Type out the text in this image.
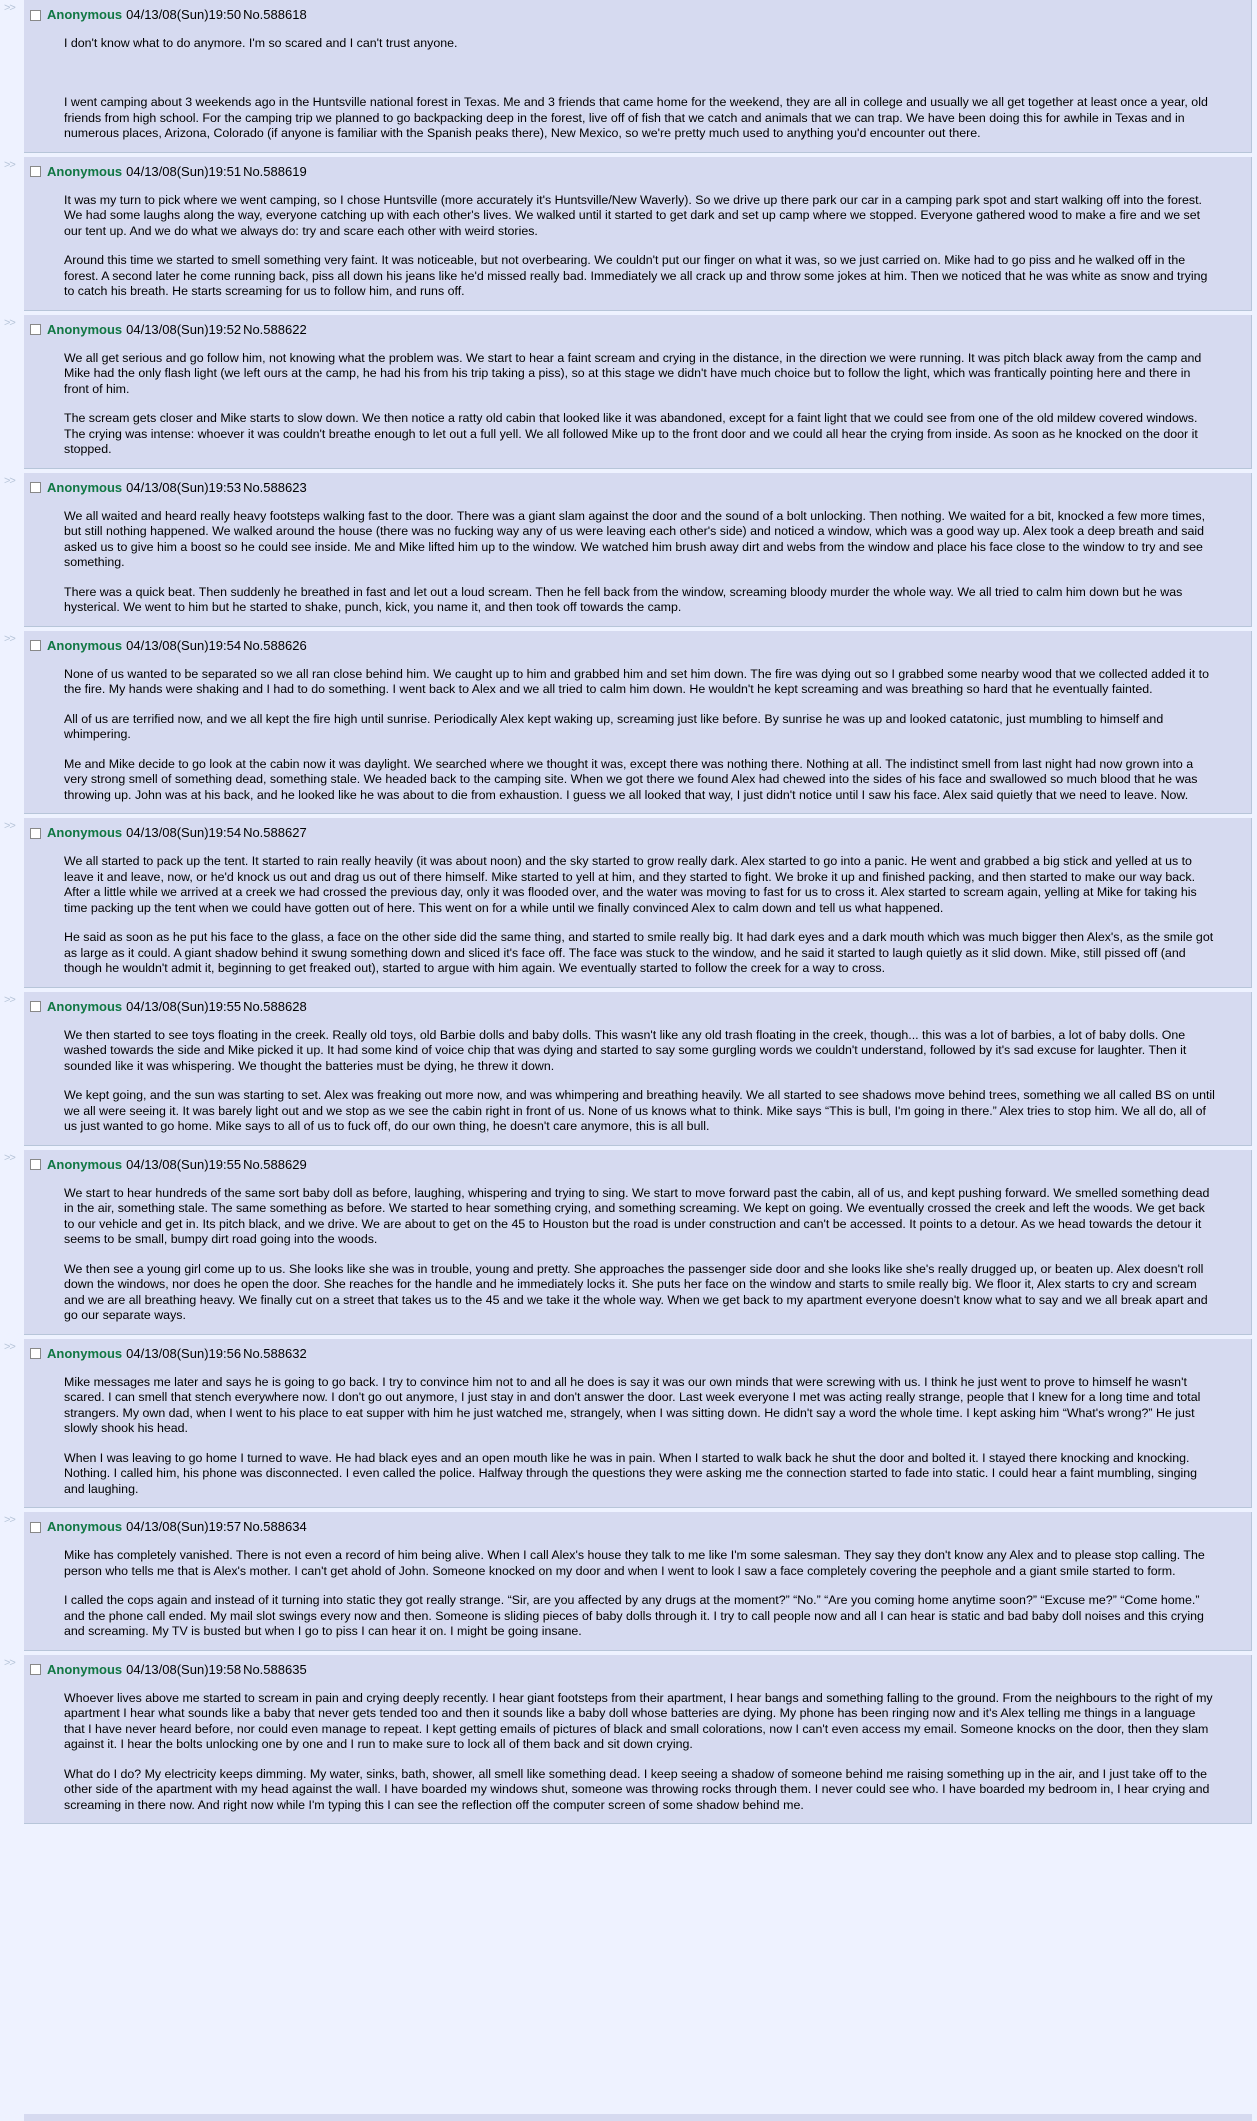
>> Anonymous 04/13/08(Sun)19:50 No.588618

I don't know what to do anymore. I'm so scared and I can't trust anyone.

I went camping about 3 weekends ago in the Huntsville national forest in Texas. Me and 3 friends that came home for the weekend, they are all in college and usually we all get together at least once a year, old friends from high school. For the camping trip we planned to go backpacking deep in the forest, live off of fish that we catch and animals that we can trap. We have been doing this for awhile in Texas and in numerous places, Arizona, Colorado (if anyone is familiar with the Spanish peaks there), New Mexico, so we're pretty much used to anything you'd encounter out there.

>> Anonymous 04/13/08(Sun)19:51 No.588619

It was my turn to pick where we went camping, so I chose Huntsville (more accurately it's Huntsville/New Waverly). So we drive up there park our car in a camping park spot and start walking off into the forest. We had some laughs along the way, everyone catching up with each other's lives. We walked until it started to get dark and set up camp where we stopped. Everyone gathered wood to make a fire and we set our tent up. And we do what we always do: try and scare each other with weird stories.

Around this time we started to smell something very faint. It was noticeable, but not overbearing. We couldn't put our finger on what it was, so we just carried on. Mike had to go piss and he walked off in the forest. A second later he come running back, piss all down his jeans like he'd missed really bad. Immediately we all crack up and throw some jokes at him. Then we noticed that he was white as snow and trying to catch his breath. He starts screaming for us to follow him, and runs off.

>> Anonymous 04/13/08(Sun)19:52 No.588622

We all get serious and go follow him, not knowing what the problem was. We start to hear a faint scream and crying in the distance, in the direction we were running. It was pitch black away from the camp and Mike had the only flash light (we left ours at the camp, he had his from his trip taking a piss), so at this stage we didn't have much choice but to follow the light, which was frantically pointing here and there in front of him.

The scream gets closer and Mike starts to slow down. We then notice a ratty old cabin that looked like it was abandoned, except for a faint light that we could see from one of the old mildew covered windows. The crying was intense: whoever it was couldn't breathe enough to let out a full yell. We all followed Mike up to the front door and we could all hear the crying from inside. As soon as he knocked on the door it stopped.

>> Anonymous 04/13/08(Sun)19:53 No.588623

We all waited and heard really heavy footsteps walking fast to the door. There was a giant slam against the door and the sound of a bolt unlocking. Then nothing. We waited for a bit, knocked a few more times, but still nothing happened. We walked around the house (there was no fucking way any of us were leaving each other's side) and noticed a window, which was a good way up. Alex took a deep breath and said asked us to give him a boost so he could see inside. Me and Mike lifted him up to the window. We watched him brush away dirt and webs from the window and place his face close to the window to try and see something.

There was a quick beat. Then suddenly he breathed in fast and let out a loud scream. Then he fell back from the window, screaming bloody murder the whole way. We all tried to calm him down but he was hysterical. We went to him but he started to shake, punch, kick, you name it, and then took off towards the camp.

>> Anonymous 04/13/08(Sun)19:54 No.588626

None of us wanted to be separated so we all ran close behind him. We caught up to him and grabbed him and set him down. The fire was dying out so I grabbed some nearby wood that we collected added it to the fire. My hands were shaking and I had to do something. I went back to Alex and we all tried to calm him down. He wouldn't he kept screaming and was breathing so hard that he eventually fainted.

All of us are terrified now, and we all kept the fire high until sunrise. Periodically Alex kept waking up, screaming just like before. By sunrise he was up and looked catatonic, just mumbling to himself and whimpering.

Me and Mike decide to go look at the cabin now it was daylight. We searched where we thought it was, except there was nothing there. Nothing at all. The indistinct smell from last night had now grown into a very strong smell of something dead, something stale. We headed back to the camping site. When we got there we found Alex had chewed into the sides of his face and swallowed so much blood that he was throwing up. John was at his back, and he looked like he was about to die from exhaustion. I guess we all looked that way, I just didn't notice until I saw his face. Alex said quietly that we need to leave. Now.

>> Anonymous 04/13/08(Sun)19:54 No.588627

We all started to pack up the tent. It started to rain really heavily (it was about noon) and the sky started to grow really dark. Alex started to go into a panic. He went and grabbed a big stick and yelled at us to leave it and leave, now, or he'd knock us out and drag us out of there himself. Mike started to yell at him, and they started to fight. We broke it up and finished packing, and then started to make our way back. After a little while we arrived at a creek we had crossed the previous day, only it was flooded over, and the water was moving to fast for us to cross it. Alex started to scream again, yelling at Mike for taking his time packing up the tent when we could have gotten out of here. This went on for a while until we finally convinced Alex to calm down and tell us what happened.

He said as soon as he put his face to the glass, a face on the other side did the same thing, and started to smile really big. It had dark eyes and a dark mouth which was much bigger then Alex's, as the smile got as large as it could. A giant shadow behind it swung something down and sliced it's face off. The face was stuck to the window, and he said it started to laugh quietly as it slid down. Mike, still pissed off (and though he wouldn't admit it, beginning to get freaked out), started to argue with him again. We eventually started to follow the creek for a way to cross.

>> Anonymous 04/13/08(Sun)19:55 No.588628

We then started to see toys floating in the creek. Really old toys, old Barbie dolls and baby dolls. This wasn't like any old trash floating in the creek, though... this was a lot of barbies, a lot of baby dolls. One washed towards the side and Mike picked it up. It had some kind of voice chip that was dying and started to say some gurgling words we couldn't understand, followed by it's sad excuse for laughter. Then it sounded like it was whispering. We thought the batteries must be dying, he threw it down.

We kept going, and the sun was starting to set. Alex was freaking out more now, and was whimpering and breathing heavily. We all started to see shadows move behind trees, something we all called BS on until we all were seeing it. It was barely light out and we stop as we see the cabin right in front of us. None of us knows what to think. Mike says “This is bull, I'm going in there.” Alex tries to stop him. We all do, all of us just wanted to go home. Mike says to all of us to fuck off, do our own thing, he doesn't care anymore, this is all bull.

>> Anonymous 04/13/08(Sun)19:55 No.588629

We start to hear hundreds of the same sort baby doll as before, laughing, whispering and trying to sing. We start to move forward past the cabin, all of us, and kept pushing forward. We smelled something dead in the air, something stale. The same something as before. We started to hear something crying, and something screaming. We kept on going. We eventually crossed the creek and left the woods. We get back to our vehicle and get in. Its pitch black, and we drive. We are about to get on the 45 to Houston but the road is under construction and can't be accessed. It points to a detour. As we head towards the detour it seems to be small, bumpy dirt road going into the woods.

We then see a young girl come up to us. She looks like she was in trouble, young and pretty. She approaches the passenger side door and she looks like she's really drugged up, or beaten up. Alex doesn't roll down the windows, nor does he open the door. She reaches for the handle and he immediately locks it. She puts her face on the window and starts to smile really big. We floor it, Alex starts to cry and scream and we are all breathing heavy. We finally cut on a street that takes us to the 45 and we take it the whole way. When we get back to my apartment everyone doesn't know what to say and we all break apart and go our separate ways.

>> Anonymous 04/13/08(Sun)19:56 No.588632

Mike messages me later and says he is going to go back. I try to convince him not to and all he does is say it was our own minds that were screwing with us. I think he just went to prove to himself he wasn't scared. I can smell that stench everywhere now. I don't go out anymore, I just stay in and don't answer the door. Last week everyone I met was acting really strange, people that I knew for a long time and total strangers. My own dad, when I went to his place to eat supper with him he just watched me, strangely, when I was sitting down. He didn't say a word the whole time. I kept asking him “What's wrong?” He just slowly shook his head.

When I was leaving to go home I turned to wave. He had black eyes and an open mouth like he was in pain. When I started to walk back he shut the door and bolted it. I stayed there knocking and knocking. Nothing. I called him, his phone was disconnected. I even called the police. Halfway through the questions they were asking me the connection started to fade into static. I could hear a faint mumbling, singing and laughing.

>> Anonymous 04/13/08(Sun)19:57 No.588634

Mike has completely vanished. There is not even a record of him being alive. When I call Alex's house they talk to me like I'm some salesman. They say they don't know any Alex and to please stop calling. The person who tells me that is Alex's mother. I can't get ahold of John. Someone knocked on my door and when I went to look I saw a face completely covering the peephole and a giant smile started to form.

I called the cops again and instead of it turning into static they got really strange. “Sir, are you affected by any drugs at the moment?” “No.” “Are you coming home anytime soon?” “Excuse me?” “Come home.” and the phone call ended. My mail slot swings every now and then. Someone is sliding pieces of baby dolls through it. I try to call people now and all I can hear is static and bad baby doll noises and this crying and screaming. My TV is busted but when I go to piss I can hear it on. I might be going insane.

>> Anonymous 04/13/08(Sun)19:58 No.588635

Whoever lives above me started to scream in pain and crying deeply recently. I hear giant footsteps from their apartment, I hear bangs and something falling to the ground. From the neighbours to the right of my apartment I hear what sounds like a baby that never gets tended too and then it sounds like a baby doll whose batteries are dying. My phone has been ringing now and it's Alex telling me things in a language that I have never heard before, nor could even manage to repeat. I kept getting emails of pictures of black and small colorations, now I can't even access my email. Someone knocks on the door, then they slam against it. I hear the bolts unlocking one by one and I run to make sure to lock all of them back and sit down crying.

What do I do? My electricity keeps dimming. My water, sinks, bath, shower, all smell like something dead. I keep seeing a shadow of someone behind me raising something up in the air, and I just take off to the other side of the apartment with my head against the wall. I have boarded my windows shut, someone was throwing rocks through them. I never could see who. I have boarded my bedroom in, I hear crying and screaming in there now. And right now while I'm typing this I can see the reflection off the computer screen of some shadow behind me.
